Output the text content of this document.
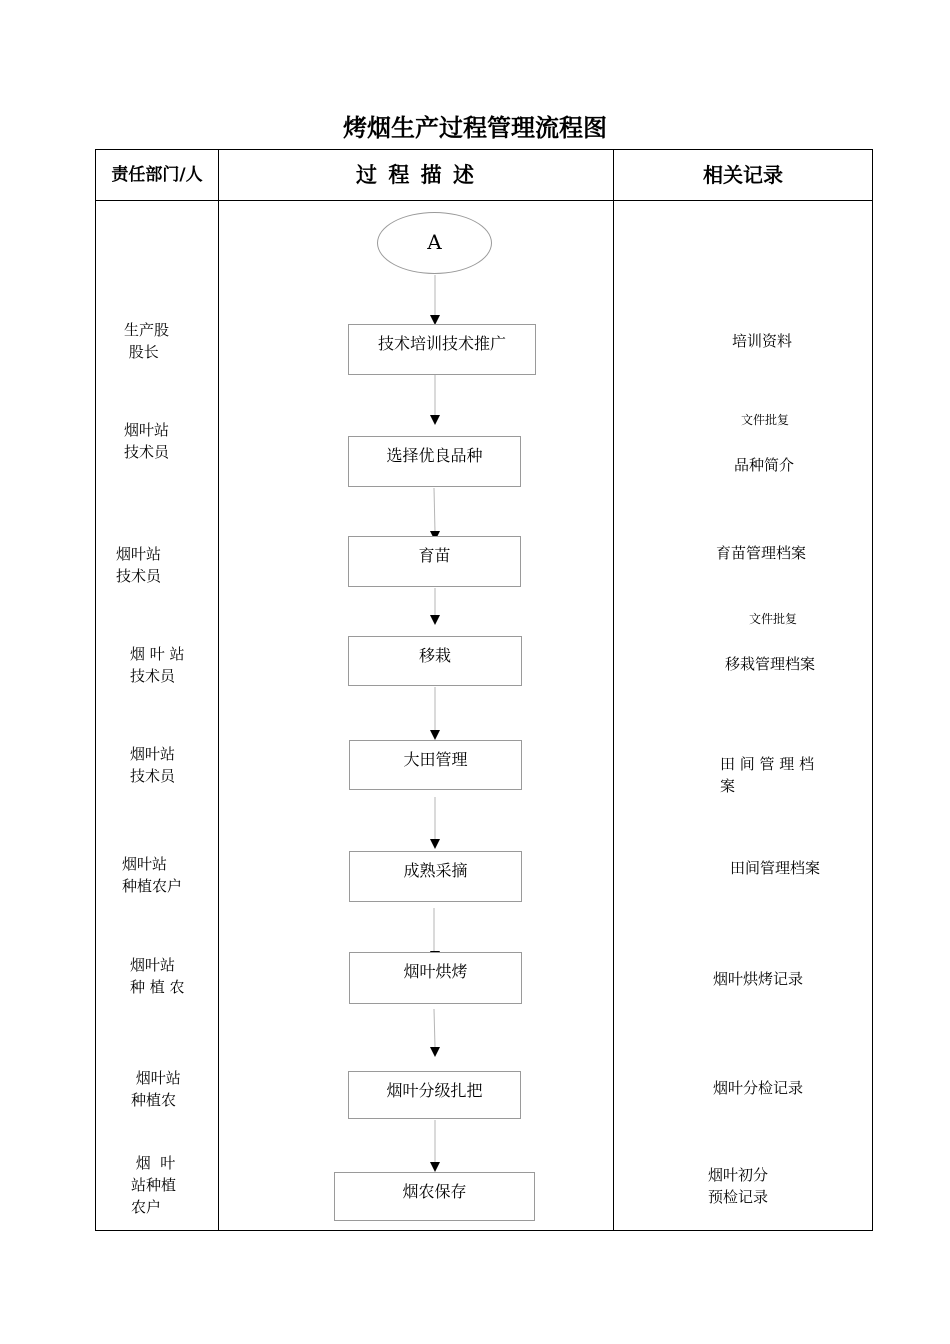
烤烟生产过程管理流程图
责任部门/人	过 程 描 述	相关记录
A
技术培训技术推广
选择优良品种
育苗
移栽
大田管理
成熟采摘
烟叶烘烤
烟叶分级扎把
烟农保存
生产股
股长
烟叶站
技术员
烟叶站
技术员
烟 叶 站
技术员
烟叶站
技术员
烟叶站
种植农户
烟叶站
种 植 农
烟叶站
种植农
烟  叶
站种植
农户
培训资料
文件批复
品种简介
育苗管理档案
文件批复
移栽管理档案
田 间 管 理 档
案
田间管理档案
烟叶烘烤记录
烟叶分检记录
烟叶初分
预检记录
